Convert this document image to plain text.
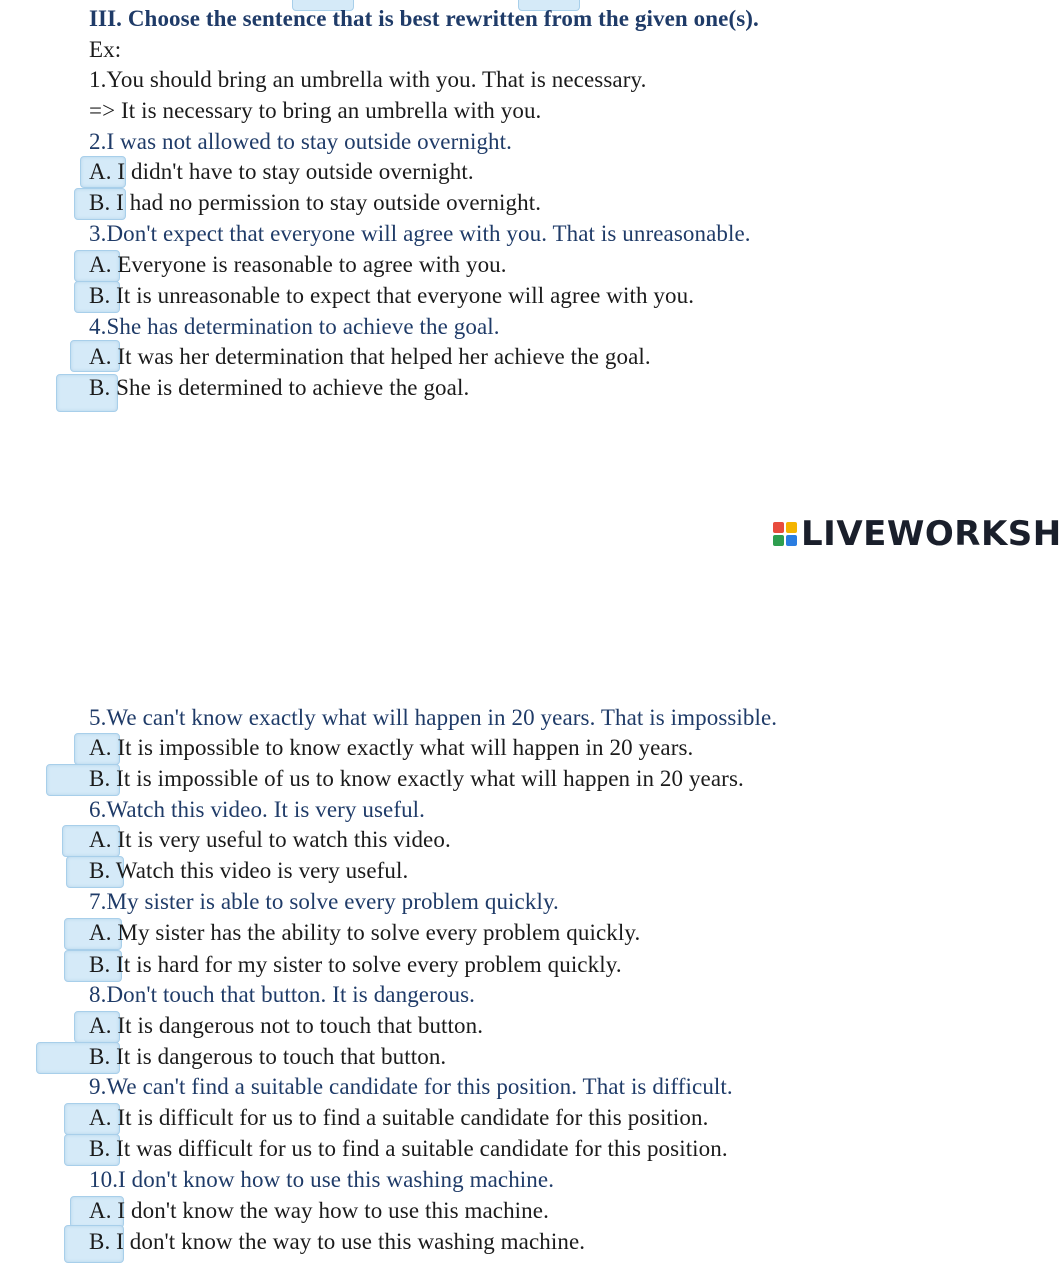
III. Choose the sentence that is best rewritten from the given one(s).
Ex:
1.You should bring an umbrella with you. That is necessary.
=> It is necessary to bring an umbrella with you.
2.I was not allowed to stay outside overnight.
A. I didn't have to stay outside overnight.
B. I had no permission to stay outside overnight.
3.Don't expect that everyone will agree with you. That is unreasonable.
A. Everyone is reasonable to agree with you.
B. It is unreasonable to expect that everyone will agree with you.
4.She has determination to achieve the goal.
A. It was her determination that helped her achieve the goal.
B. She is determined to achieve the goal.
LIVEWORKSH
5.We can't know exactly what will happen in 20 years. That is impossible.
A. It is impossible to know exactly what will happen in 20 years.
B. It is impossible of us to know exactly what will happen in 20 years.
6.Watch this video. It is very useful.
A. It is very useful to watch this video.
B. Watch this video is very useful.
7.My sister is able to solve every problem quickly.
A. My sister has the ability to solve every problem quickly.
B. It is hard for my sister to solve every problem quickly.
8.Don't touch that button. It is dangerous.
A. It is dangerous not to touch that button.
B. It is dangerous to touch that button.
9.We can't find a suitable candidate for this position. That is difficult.
A. It is difficult for us to find a suitable candidate for this position.
B. It was difficult for us to find a suitable candidate for this position.
10.I don't know how to use this washing machine.
A. I don't know the way how to use this machine.
B. I don't know the way to use this washing machine.
